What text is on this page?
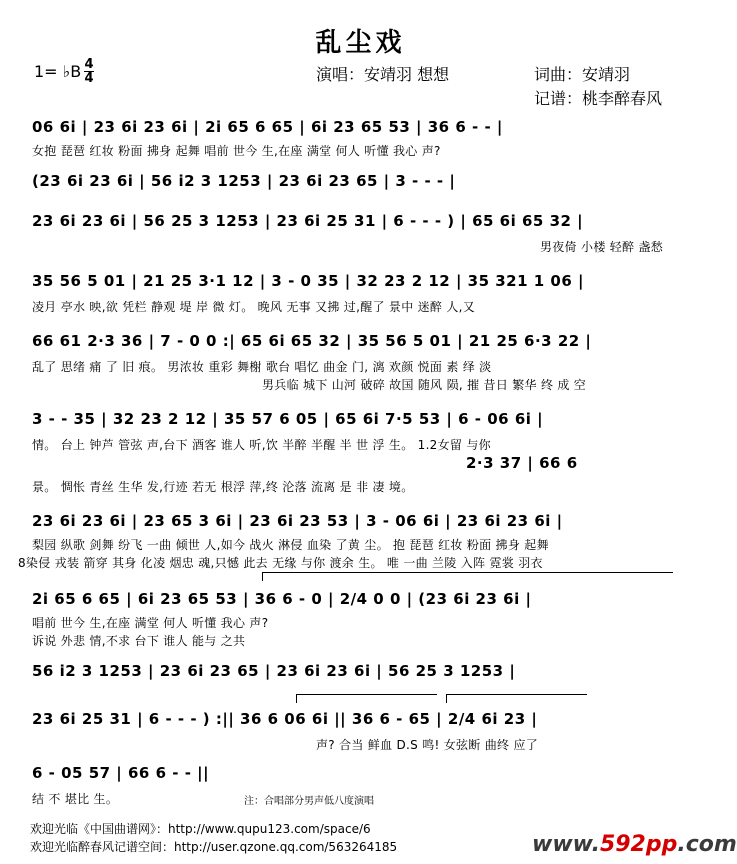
乱尘戏
1= ♭B 4
4	演唱：安靖羽 想想	词曲：安靖羽
记谱：桃李醉春风
06 6i | 23 6i 23 6i | 2i 65 6 65 | 6i 23 65 53 | 36 6 - - |
女抱 琵琶 红妆 粉面 拂身 起舞 唱前 世今 生,在座 满堂 何人 听懂 我心 声?
(23 6i 23 6i | 56 i2 3 1253 | 23 6i 23 65 | 3 - - - |
23 6i 23 6i | 56 25 3 1253 | 23 6i 25 31 | 6 - - - ) | 65 6i 65 32 |
男夜倚 小楼 轻醉 盏愁
35 56 5 01 | 21 25 3·1 12 | 3 - 0 35 | 32 23 2 12 | 35 321 1 06 |
凌月 亭水 映,欲 凭栏 静观 堤 岸 微 灯。 晚风 无事 又拂 过,醒了 景中 迷醉 人,又
66 61 2·3 36 | 7 - 0 0 :| 65 6i 65 32 | 35 56 5 01 | 21 25 6·3 22 |
乱了 思绪 痛 了 旧 痕。 男浓妆 重彩 舞榭 歌台 唱忆 曲金 门, 漓 欢颜 悦面 素 绎 淡
男兵临 城下 山河 破碎 故国 随风 陨, 摧 昔日 繁华 终 成 空
3 - - 35 | 32 23 2 12 | 35 57 6 05 | 65 6i 7·5 53 | 6 - 06 6i |
情。 台上 钟芦 管弦 声,台下 酒客 谁人 听,饮 半醉 半醒 半 世 浮 生。 1.2女留 与你
2·3 37 | 66 6
景。 惆怅 青丝 生华 发,行迹 若无 根浮 萍,终 沦落 流离 是 非 凄 境。
23 6i 23 6i | 23 65 3 6i | 23 6i 23 53 | 3 - 06 6i | 23 6i 23 6i |
梨园 纵歌 剑舞 纷飞 一曲 倾世 人,如今 战火 淋侵 血染 了黄 尘。 抱 琵琶 红妆 粉面 拂身 起舞
8染侵 戎装 箭穿 其身 化凌 烟忠 魂,只憾 此去 无缘 与你 渡余 生。 唯 一曲 兰陵 入阵 霓裳 羽衣
2i 65 6 65 | 6i 23 65 53 | 36 6 - 0 | 2/4 0 0 | (23 6i 23 6i |
唱前 世今 生,在座 满堂 何人 听懂 我心 声?
诉说 外悲 情,不求 台下 谁人 能与 之共
56 i2 3 1253 | 23 6i 23 65 | 23 6i 23 6i | 56 25 3 1253 |
23 6i 25 31 | 6 - - - ) :|| 36 6 06 6i || 36 6 - 65 | 2/4 6i 23 |
声? 合当 鲜血 D.S 鸣! 女弦断 曲终 应了
6 - 05 57 | 66 6 - - ||
结 不 堪比 生。	注：合唱部分男声低八度演唱
欢迎光临《中国曲谱网》：http://www.qupu123.com/space/6
欢迎光临醉春风记谱空间：http://user.qzone.qq.com/563264185	www.592pp.com
